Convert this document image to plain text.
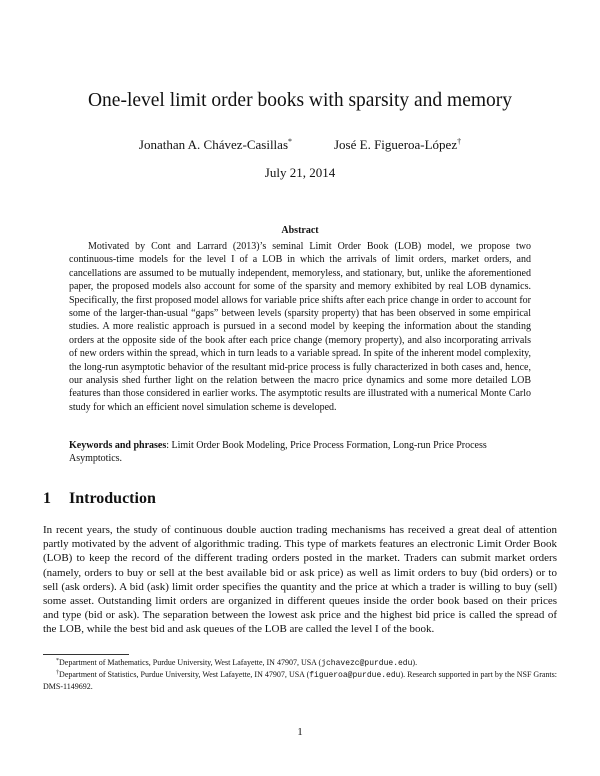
One-level limit order books with sparsity and memory
Jonathan A. Chávez-Casillas*	José E. Figueroa-López†
July 21, 2014
Abstract

Motivated by Cont and Larrard (2013)’s seminal Limit Order Book (LOB) model, we propose two continuous-time models for the level I of a LOB in which the arrivals of limit orders, market orders, and cancellations are assumed to be mutually independent, memoryless, and stationary, but, unlike the aforementioned paper, the proposed models also account for some of the sparsity and memory exhibited by real LOB dynamics. Specifically, the first proposed model allows for variable price shifts after each price change in order to account for some of the larger-than-usual “gaps” between levels (sparsity property) that has been observed in some empirical studies. A more realistic approach is pursued in a second model by keeping the information about the standing orders at the opposite side of the book after each price change (memory property), and also incorporating arrivals of new orders within the spread, which in turn leads to a variable spread. In spite of the inherent model complexity, the long-run asymptotic behavior of the resultant mid-price process is fully characterized in both cases and, hence, our analysis shed further light on the relation between the macro price dynamics and some more detailed LOB features than those considered in earlier works. The asymptotic results are illustrated with a numerical Monte Carlo study for which an efficient novel simulation scheme is developed.

Keywords and phrases: Limit Order Book Modeling, Price Process Formation, Long-run Price Process Asymptotics.

1 Introduction

In recent years, the study of continuous double auction trading mechanisms has received a great deal of attention partly motivated by the advent of algorithmic trading. This type of markets features an electronic Limit Order Book (LOB) to keep the record of the different trading orders posted in the market. Traders can submit market orders (namely, orders to buy or sell at the best available bid or ask price) as well as limit orders to buy (bid orders) or to sell (ask orders). A bid (ask) limit order specifies the quantity and the price at which a trader is willing to buy (sell) some asset. Outstanding limit orders are organized in different queues inside the order book based on their prices and type (bid or ask). The separation between the lowest ask price and the highest bid price is called the spread of the LOB, while the best bid and ask queues of the LOB are called the level I of the book.

*Department of Mathematics, Purdue University, West Lafayette, IN 47907, USA (jchavezc@purdue.edu).

†Department of Statistics, Purdue University, West Lafayette, IN 47907, USA (figueroa@purdue.edu). Research supported in part by the NSF Grants: DMS-1149692.

1
